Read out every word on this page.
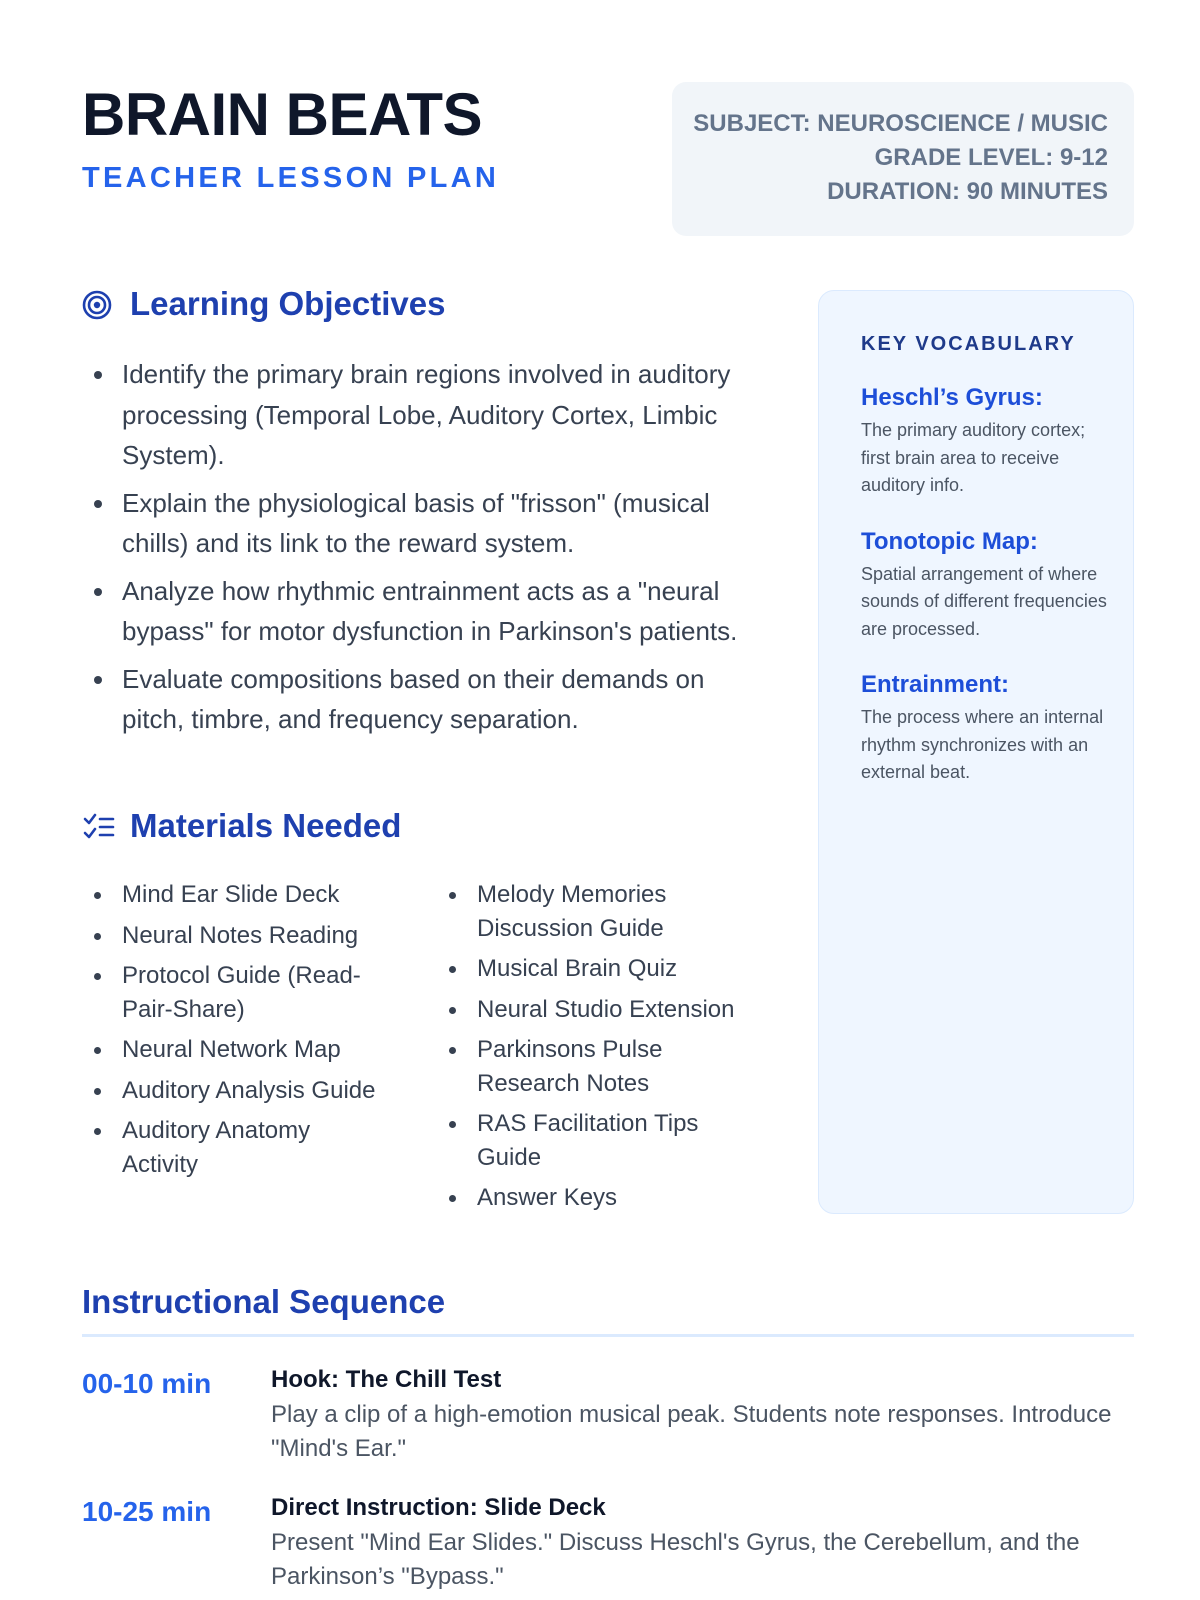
BRAIN BEATS
TEACHER LESSON PLAN
SUBJECT: NEUROSCIENCE / MUSIC
GRADE LEVEL: 9-12
DURATION: 90 MINUTES
Learning Objectives
Identify the primary brain regions involved in auditory processing (Temporal Lobe, Auditory Cortex, Limbic System).
Explain the physiological basis of "frisson" (musical chills) and its link to the reward system.
Analyze how rhythmic entrainment acts as a "neural bypass" for motor dysfunction in Parkinson's patients.
Evaluate compositions based on their demands on pitch, timbre, and frequency separation.
Materials Needed
Mind Ear Slide Deck
Neural Notes Reading
Protocol Guide (Read-Pair-Share)
Neural Network Map
Auditory Analysis Guide
Auditory Anatomy Activity
Melody Memories Discussion Guide
Musical Brain Quiz
Neural Studio Extension
Parkinsons Pulse Research Notes
RAS Facilitation Tips Guide
Answer Keys
KEY VOCABULARY
Heschl’s Gyrus:
The primary auditory cortex; first brain area to receive auditory info.
Tonotopic Map:
Spatial arrangement of where sounds of different frequencies are processed.
Entrainment:
The process where an internal rhythm synchronizes with an external beat.
Instructional Sequence
00-10 min Hook: The Chill Test
Play a clip of a high-emotion musical peak. Students note responses. Introduce "Mind's Ear."
10-25 min Direct Instruction: Slide Deck
Present "Mind Ear Slides." Discuss Heschl's Gyrus, the Cerebellum, and the Parkinson’s "Bypass."
